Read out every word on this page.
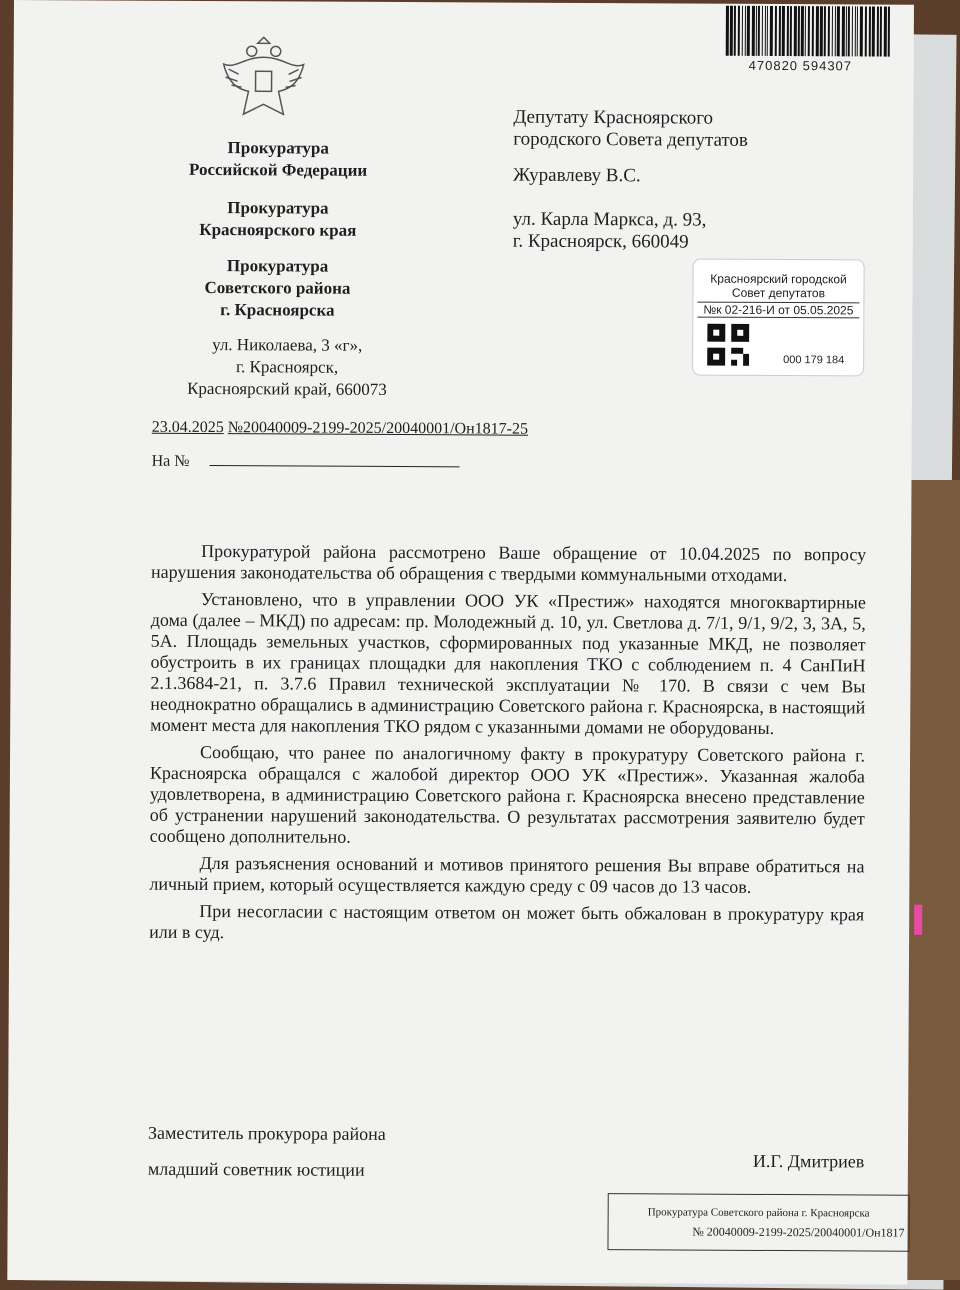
Прокуратура
Российской Федерации
Прокуратура
Красноярского края
Прокуратура
Советского района
г. Красноярска
ул. Николаева, 3 «г»,
г. Красноярск,
Красноярский край, 660073
470820 594307
Депутату Красноярского
городского Совета депутатов
Журавлеву В.С.
ул. Карла Маркса, д. 93,
г. Красноярск, 660049
Красноярский городской
Совет депутатов
№к 02-216-И от 05.05.2025
000 179 184
23.04.2025 №20040009-2199-2025/20040001/Он1817-25
На №

Прокуратурой района рассмотрено Ваше обращение от 10.04.2025 по вопросу нарушения законодательства об обращения с твердыми коммунальными отходами.

Установлено, что в управлении ООО УК «Престиж» находятся многоквартирные дома (далее – МКД) по адресам: пр. Молодежный д. 10, ул. Светлова д. 7/1, 9/1, 9/2, 3, 3А, 5, 5А. Площадь земельных участков, сформированных под указанные МКД, не позволяет обустроить в их границах площадки для накопления ТКО с соблюдением п. 4 СанПиН 2.1.3684-21, п. 3.7.6 Правил технической эксплуатации № 170. В связи с чем Вы неоднократно обращались в администрацию Советского района г. Красноярска, в настоящий момент места для накопления ТКО рядом с указанными домами не оборудованы.

Сообщаю, что ранее по аналогичному факту в прокуратуру Советского района г. Красноярска обращался с жалобой директор ООО УК «Престиж». Указанная жалоба удовлетворена, в администрацию Советского района г. Красноярска внесено представление об устранении нарушений законодательства. О результатах рассмотрения заявителю будет сообщено дополнительно.

Для разъяснения оснований и мотивов принятого решения Вы вправе обратиться на личный прием, который осуществляется каждую среду с 09 часов до 13 часов.

При несогласии с настоящим ответом он может быть обжалован в прокуратуру края или в суд.

Заместитель прокурора района
младший советник юстиции	И.Г. Дмитриев
Прокуратура Советского района г. Красноярска
№ 20040009-2199-2025/20040001/Он1817
